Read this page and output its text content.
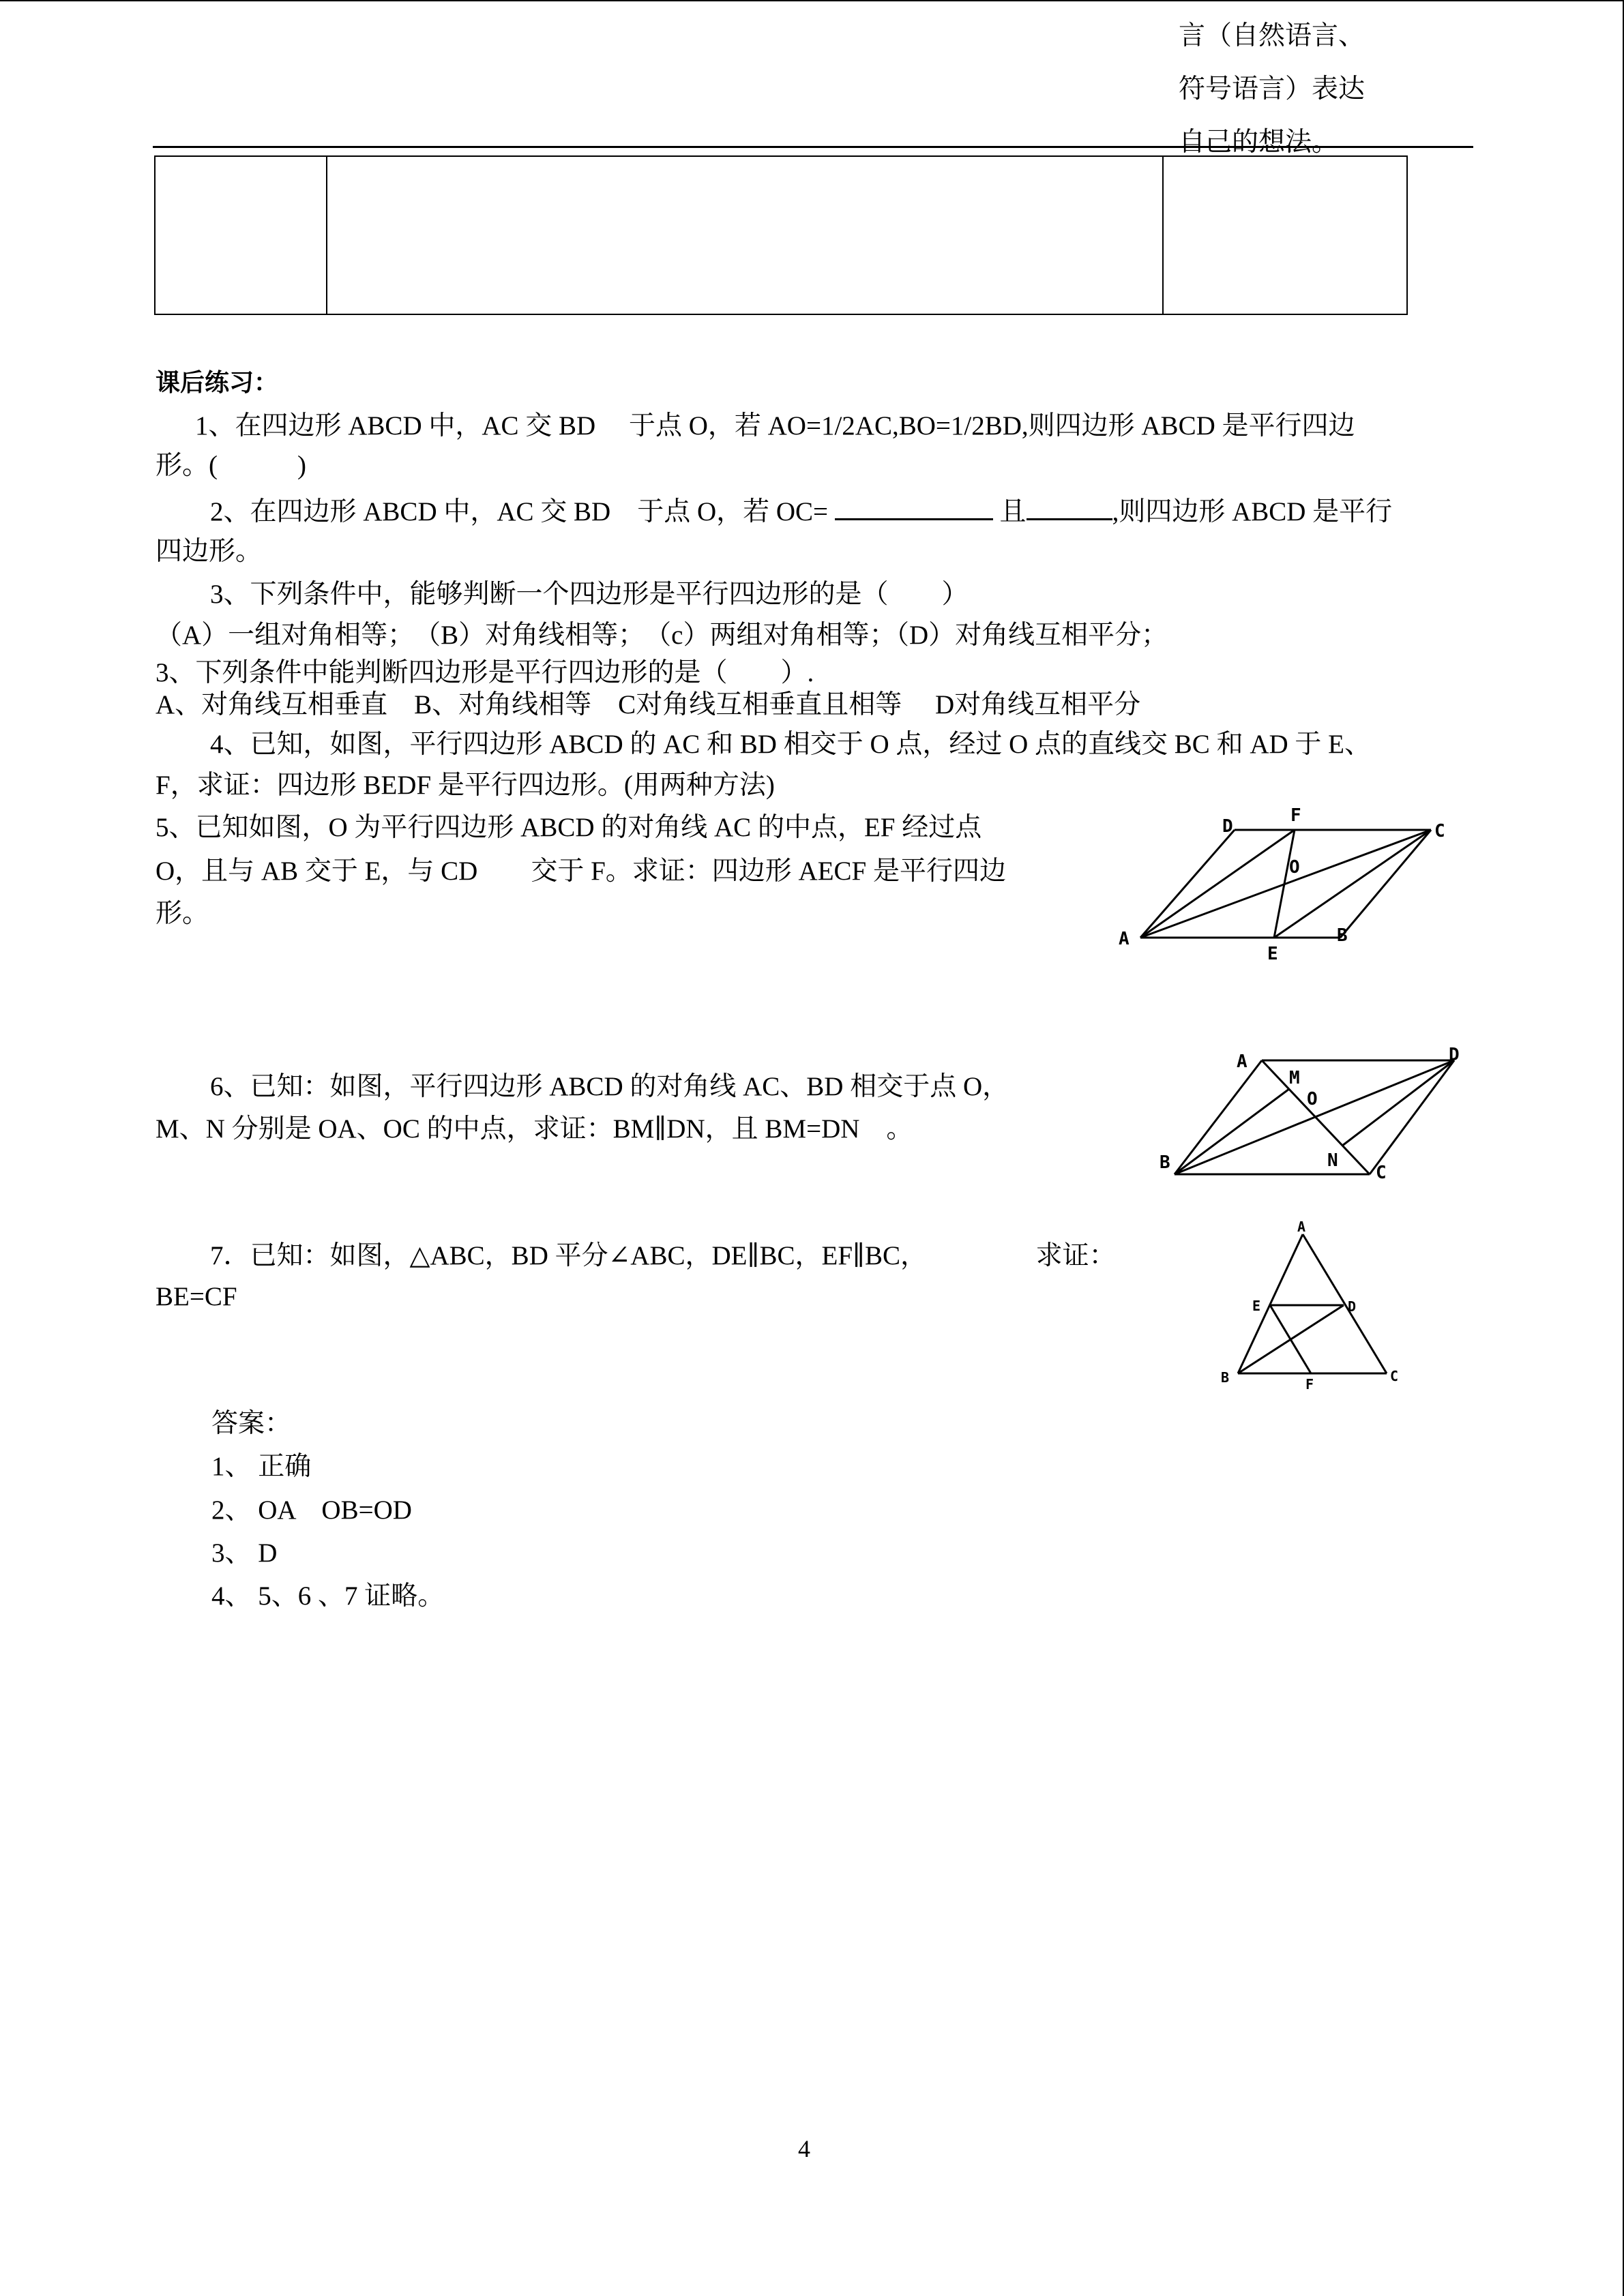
言（自然语言、
符号语言）表达
自己的想法。
课后练习：
1、在四边形 ABCD 中，AC 交 BD　 于点 O，若 AO=1/2AC,BO=1/2BD,则四边形 ABCD 是平行四边
形。(　　　)
2、在四边形 ABCD 中，AC 交 BD　于点 O，若 OC=	且	,则四边形 ABCD 是平行
四边形。
3、下列条件中，能够判断一个四边形是平行四边形的是（　　）
（A）一组对角相等；　（B）对角线相等；　（c）两组对角相等；（D）对角线互相平分；
3、下列条件中能判断四边形是平行四边形的是（　　）.
A、对角线互相垂直　B、对角线相等　C对角线互相垂直且相等　 D对角线互相平分
4、已知，如图，平行四边形 ABCD 的 AC 和 BD 相交于 O 点，经过 O 点的直线交 BC 和 AD 于 E、
F，求证：四边形 BEDF 是平行四边形。(用两种方法)
5、已知如图，O 为平行四边形 ABCD 的对角线 AC 的中点，EF 经过点
O，且与 AB 交于 E，与 CD　　交于 F。求证：四边形 AECF 是平行四边
形。
A	B
C
D
E
F
O
6、已知：如图，平行四边形 ABCD 的对角线 AC、BD 相交于点 O，
M、N 分别是 OA、OC 的中点，求证：BM∥DN，且 BM=DN　。
A
B	C
D
M
N
O
7．已知：如图，△ABC，BD 平分∠ABC，DE∥BC，EF∥BC，	求证：
BE=CF
A
B	C
D
E
F
答案：
1、 正确
2、 OA　OB=OD
3、 D
4、 5、6 、7 证略。
4
